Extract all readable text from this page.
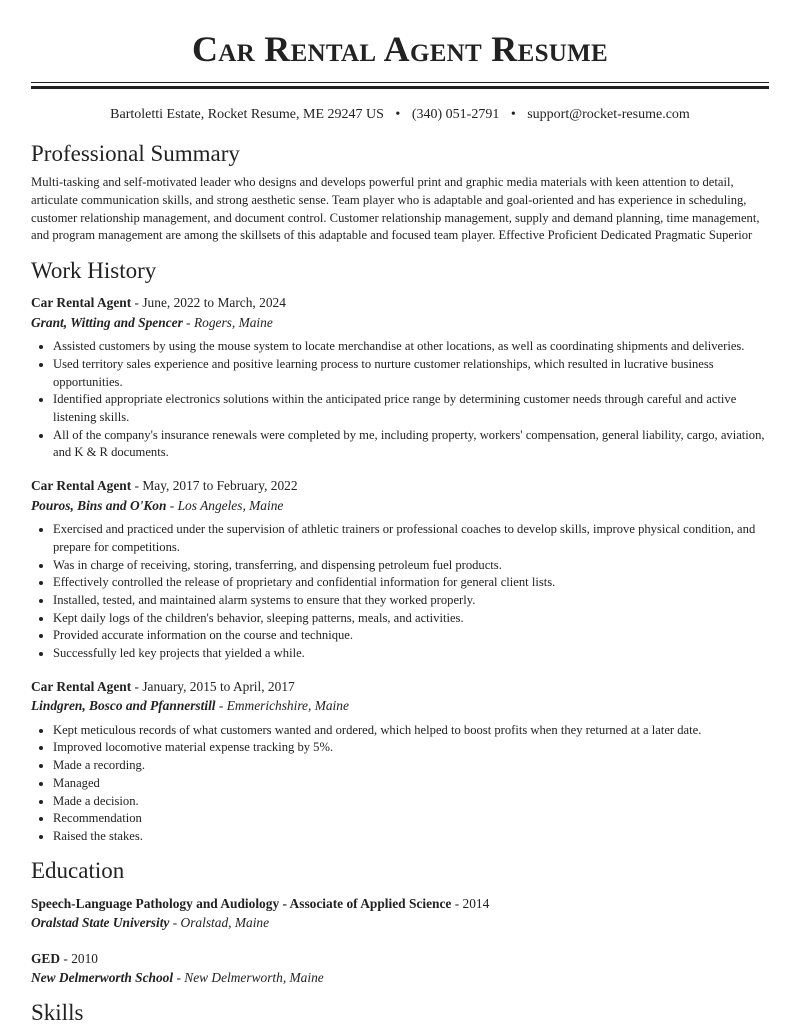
Car Rental Agent Resume
Bartoletti Estate, Rocket Resume, ME 29247 US • (340) 051-2791 • support@rocket-resume.com
Professional Summary
Multi-tasking and self-motivated leader who designs and develops powerful print and graphic media materials with keen attention to detail, articulate communication skills, and strong aesthetic sense. Team player who is adaptable and goal-oriented and has experience in scheduling, customer relationship management, and document control. Customer relationship management, supply and demand planning, time management, and program management are among the skillsets of this adaptable and focused team player. Effective Proficient Dedicated Pragmatic Superior
Work History
Car Rental Agent - June, 2022 to March, 2024
Grant, Witting and Spencer - Rogers, Maine
• Assisted customers by using the mouse system to locate merchandise at other locations, as well as coordinating shipments and deliveries.
• Used territory sales experience and positive learning process to nurture customer relationships, which resulted in lucrative business opportunities.
• Identified appropriate electronics solutions within the anticipated price range by determining customer needs through careful and active listening skills.
• All of the company's insurance renewals were completed by me, including property, workers' compensation, general liability, cargo, aviation, and K & R documents.
Car Rental Agent - May, 2017 to February, 2022
Pouros, Bins and O'Kon - Los Angeles, Maine
• Exercised and practiced under the supervision of athletic trainers or professional coaches to develop skills, improve physical condition, and prepare for competitions.
• Was in charge of receiving, storing, transferring, and dispensing petroleum fuel products.
• Effectively controlled the release of proprietary and confidential information for general client lists.
• Installed, tested, and maintained alarm systems to ensure that they worked properly.
• Kept daily logs of the children's behavior, sleeping patterns, meals, and activities.
• Provided accurate information on the course and technique.
• Successfully led key projects that yielded a while.
Car Rental Agent - January, 2015 to April, 2017
Lindgren, Bosco and Pfannerstill - Emmerichshire, Maine
• Kept meticulous records of what customers wanted and ordered, which helped to boost profits when they returned at a later date.
• Improved locomotive material expense tracking by 5%.
• Made a recording.
• Managed
• Made a decision.
• Recommendation
• Raised the stakes.
Education
Speech-Language Pathology and Audiology - Associate of Applied Science - 2014
Oralstad State University - Oralstad, Maine
GED - 2010
New Delmerworth School - New Delmerworth, Maine
Skills
